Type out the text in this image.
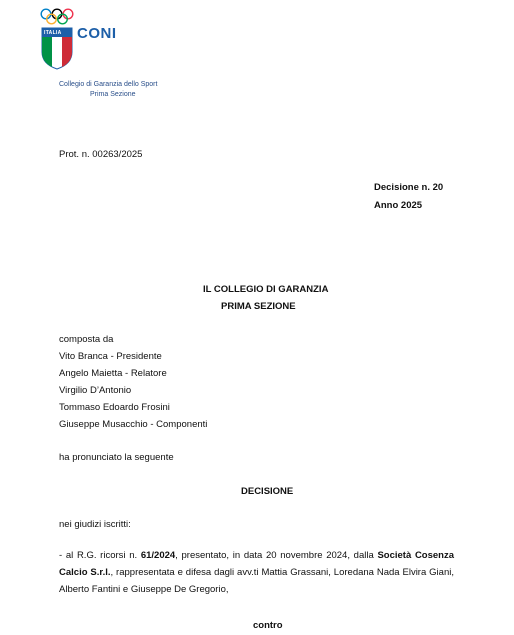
ITALIA CONI
Collegio di Garanzia dello Sport
Prima Sezione
Prot. n. 00263/2025
Decisione n. 20
Anno 2025
IL COLLEGIO DI GARANZIA
PRIMA SEZIONE
composta da
Vito Branca - Presidente
Angelo Maietta - Relatore
Virgilio D’Antonio
Tommaso Edoardo Frosini
Giuseppe Musacchio - Componenti
ha pronunciato la seguente
DECISIONE
nei giudizi iscritti:
- al R.G. ricorsi n. 61/2024, presentato, in data 20 novembre 2024, dalla Società Cosenza Calcio S.r.l., rappresentata e difesa dagli avv.ti Mattia Grassani, Loredana Nada Elvira Giani, Alberto Fantini e Giuseppe De Gregorio,
contro
